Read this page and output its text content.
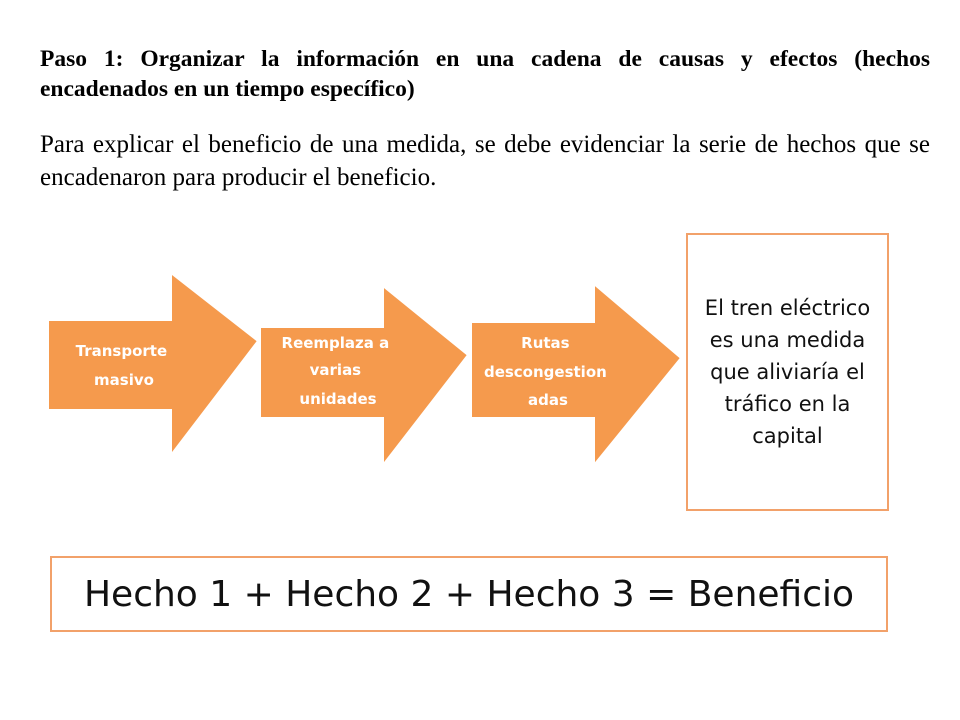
Paso 1: Organizar la información en una cadena de causas y efectos (hechos encadenados en un tiempo específico)

Para explicar el beneficio de una medida, se debe evidenciar la serie de hechos que se encadenaron para producir el beneficio.

Transporte masivo
Reemplaza a varias unidades
Rutas descongestion adas
El tren eléctrico es una medida que aliviaría el tráfico en la capital
Hecho 1 + Hecho 2 + Hecho 3 = Beneficio
